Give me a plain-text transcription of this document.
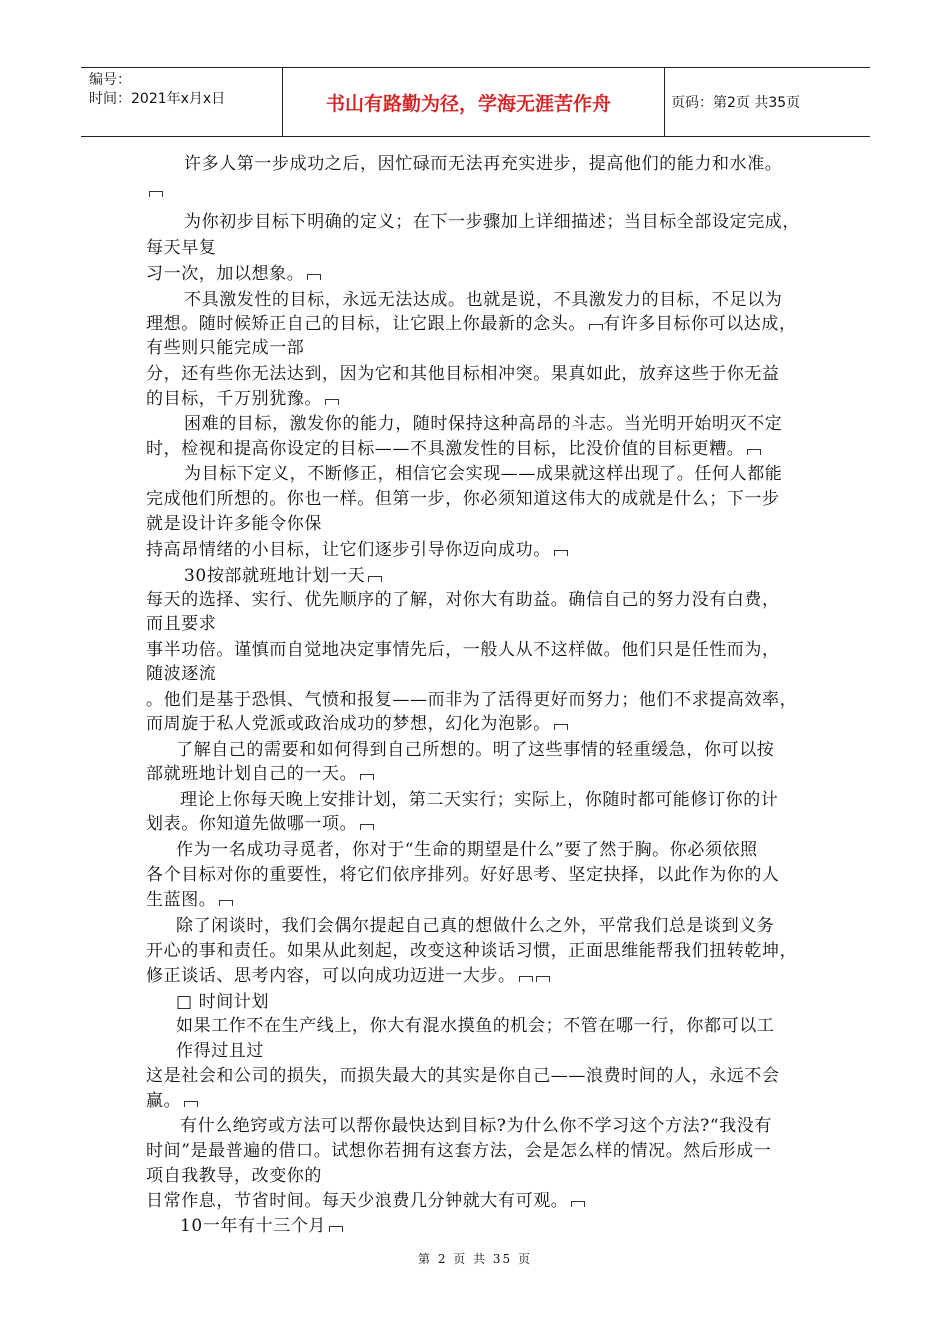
编号：
时间：2021年x月x日	书山有路勤为径，学海无涯苦作舟	页码：第2页 共35页
许多人第一步成功之后，因忙碌而无法再充实进步，提高他们的能力和水准。
为你初步目标下明确的定义；在下一步骤加上详细描述；当目标全部设定完成，
每天早复
习一次，加以想象。
不具激发性的目标，永远无法达成。也就是说，不具激发力的目标，不足以为
理想。随时候矫正自己的目标，让它跟上你最新的念头。 有许多目标你可以达成，
有些则只能完成一部
分，还有些你无法达到，因为它和其他目标相冲突。果真如此，放弃这些于你无益
的目标，千万别犹豫。
困难的目标，激发你的能力，随时保持这种高昂的斗志。当光明开始明灭不定
时，检视和提高你设定的目标——不具激发性的目标，比没价值的目标更糟。
为目标下定义，不断修正，相信它会实现——成果就这样出现了。任何人都能
完成他们所想的。你也一样。但第一步，你必须知道这伟大的成就是什么；下一步
就是设计许多能令你保
持高昂情绪的小目标，让它们逐步引导你迈向成功。
30按部就班地计划一天
每天的选择、实行、优先顺序的了解，对你大有助益。确信自己的努力没有白费，
而且要求
事半功倍。谨慎而自觉地决定事情先后，一般人从不这样做。他们只是任性而为，
随波逐流
。他们是基于恐惧、气愤和报复——而非为了活得更好而努力；他们不求提高效率，
而周旋于私人党派或政治成功的梦想，幻化为泡影。
了解自己的需要和如何得到自己所想的。明了这些事情的轻重缓急，你可以按
部就班地计划自己的一天。
理论上你每天晚上安排计划，第二天实行；实际上，你随时都可能修订你的计
划表。你知道先做哪一项。
作为一名成功寻觅者，你对于“生命的期望是什么”要了然于胸。你必须依照
各个目标对你的重要性，将它们依序排列。好好思考、坚定抉择，以此作为你的人
生蓝图。
除了闲谈时，我们会偶尔提起自己真的想做什么之外，平常我们总是谈到义务
开心的事和责任。如果从此刻起，改变这种谈话习惯，正面思维能帮我们扭转乾坤，
修正谈话、思考内容，可以向成功迈进一大步。
□ 时间计划
如果工作不在生产线上，你大有混水摸鱼的机会；不管在哪一行，你都可以工
作得过且过
这是社会和公司的损失，而损失最大的其实是你自己——浪费时间的人，永远不会
赢。
有什么绝窍或方法可以帮你最快达到目标?为什么你不学习这个方法?“我没有
时间”是最普遍的借口。试想你若拥有这套方法，会是怎么样的情况。然后形成一
项自我教导，改变你的
日常作息，节省时间。每天少浪费几分钟就大有可观。
10一年有十三个月
第 2 页 共 35 页
